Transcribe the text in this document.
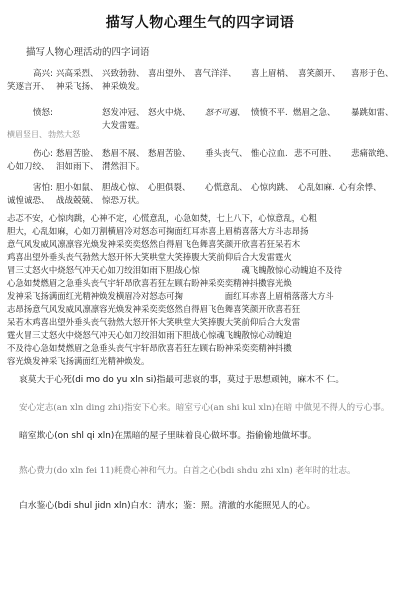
描写人物心理生气的四字词语
描写人物心理活动的四字词语
高兴: 兴高采烈、 兴致勃勃、 喜出望外、 喜气洋洋、 喜上眉梢、 喜笑颜开、 喜形于色、
笑逐言开、 神采飞扬、 神采焕发。
愤怒:	怒发冲冠、 怒火中烧、 怒不可遏、 愤愤不平. 燃眉之急、 暴跳如雷、
大发雷霆。
横眉竖目、 勃然大怒
伤心: 愁眉苦脸、 愁眉不展、 愁眉苦脸、 垂头丧气、 惟心泣血. 悲不可胜、 悲痛欲绝、
心如刀绞、 泪如雨下、 潸然泪下。
害怕: 胆小如鼠、 胆战心惊、 心胆俱裂、 心慌意乱、 心惊肉跳、 心乱如麻. 心有余悸、
诚惶诚恐、 战战兢兢、 惊恐万状。
忐忑不安，心惊肉跳，心神不定，心慌意乱，心急如焚，七上八下，心惊意乱，心粗
胆大，心乱如麻，心如刀割横眉冷对怒态可掬面红耳赤喜上眉梢喜落大方斗志昂扬
意气风发威风凛凛容光焕发神采奕奕悠然自得眉飞色舞喜笑颜开欣喜若狂呆若木
鸡喜出望外垂头丧气勃然大怒开怀大笑哄堂大笑捧腹大笑前仰后合大发雷霆火
冒三丈怒火中烧怒气冲天心如刀绞泪如雨下胆战心惊　　　　　魂飞魄散惊心动魄迫不及待
心急如焚燃眉之急垂头丧气宇轩昂欣喜若狂左顾右盼神采奕奕精神抖擞容光焕
发神采飞扬满面红光精神焕发横眉冷对怒态可掬　　　　　面红耳赤喜上眉梢落落大方斗
志昂扬意气风发威风凛凛容光焕发神采奕奕悠然自得眉飞色舞喜笑颜开欣喜若狂
呆若木鸡喜出望外垂头丧气勃然大怒开怀大笑哄堂大笑捧腹大笑前仰后合大发雷
霆火冒三丈怒火中烧怒气冲天心如刀绞泪如雨下胆战心惊魂飞魄散惊心动魄迫
不及待心急如焚燃眉之急垂头丧气宇轩昂欣喜若狂左顾右盼神采奕奕精神抖擞
容光焕发神采飞扬满面红光精神焕发。
哀莫大于心死(di mo do yu xln si)指最可悲哀的事，莫过于思想顽钝，麻木不 仁。
安心定志(an xln ding zhi)指安下心来。暗室亏心(an shi kul xln)在暗 中做见不得人的亏心事。
暗室欺心(on shl qi xln)在黑暗的屋子里昧着良心做坏事。指偷偷地做坏事。
熬心费力(do xln fei 11)耗费心神和气力。白首之心(bdi shdu zhi xln) 老年时的壮志。
白水鉴心(bdi shul jidn xln)白水：清水；鉴：照。清澈的水能照见人的心。
